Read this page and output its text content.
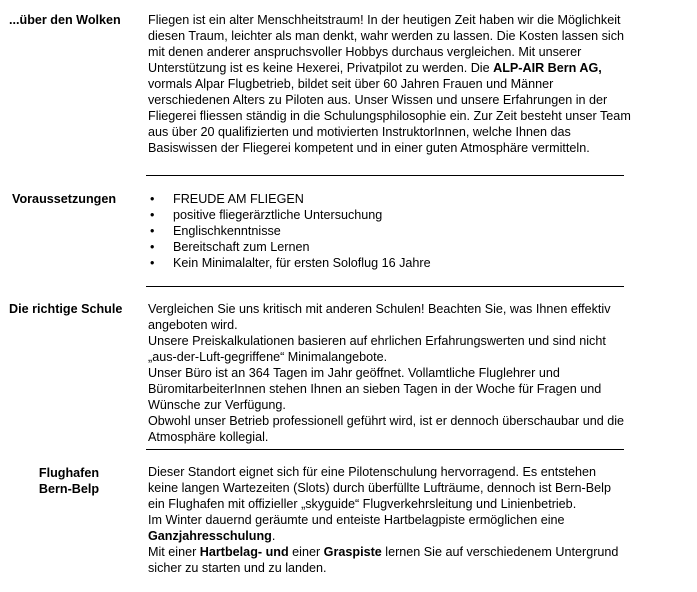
...über den Wolken Fliegen ist ein alter Menschheitstraum! In der heutigen Zeit haben wir die Möglichkeit diesen Traum, leichter als man denkt, wahr werden zu lassen. Die Kosten lassen sich mit denen anderer anspruchsvoller Hobbys durchaus vergleichen. Mit unserer Unterstützung ist es keine Hexerei, Privatpilot zu werden. Die ALP-AIR Bern AG, vormals Alpar Flugbetrieb, bildet seit über 60 Jahren Frauen und Männer verschiedenen Alters zu Piloten aus. Unser Wissen und unsere Erfahrungen in der Fliegerei fliessen ständig in die Schulungsphilosophie ein. Zur Zeit besteht unser Team aus über 20 qualifizierten und motivierten InstruktorInnen, welche Ihnen das Basiswissen der Fliegerei kompetent und in einer guten Atmosphäre vermitteln.

Voraussetzungen	• FREUDE AM FLIEGEN
• positive fliegerärztliche Untersuchung
• Englischkenntnisse
• Bereitschaft zum Lernen
• Kein Minimalalter, für ersten Soloflug 16 Jahre
Die richtige Schule Vergleichen Sie uns kritisch mit anderen Schulen! Beachten Sie, was Ihnen effektiv angeboten wird.

Unsere Preiskalkulationen basieren auf ehrlichen Erfahrungswerten und sind nicht „aus-der-Luft-gegriffene“ Minimalangebote.

Unser Büro ist an 364 Tagen im Jahr geöffnet. Vollamtliche Fluglehrer und BüromitarbeiterInnen stehen Ihnen an sieben Tagen in der Woche für Fragen und Wünsche zur Verfügung.

Obwohl unser Betrieb professionell geführt wird, ist er dennoch überschaubar und die Atmosphäre kollegial.

Flughafen
Bern-Belp

Dieser Standort eignet sich für eine Pilotenschulung hervorragend. Es entstehen keine langen Wartezeiten (Slots) durch überfüllte Lufträume, dennoch ist Bern-Belp ein Flughafen mit offizieller „skyguide“ Flugverkehrsleitung und Linienbetrieb.

Im Winter dauernd geräumte und enteiste Hartbelagpiste ermöglichen eine Ganzjahresschulung.

Mit einer Hartbelag- und einer Graspiste lernen Sie auf verschiedenem Untergrund sicher zu starten und zu landen.
